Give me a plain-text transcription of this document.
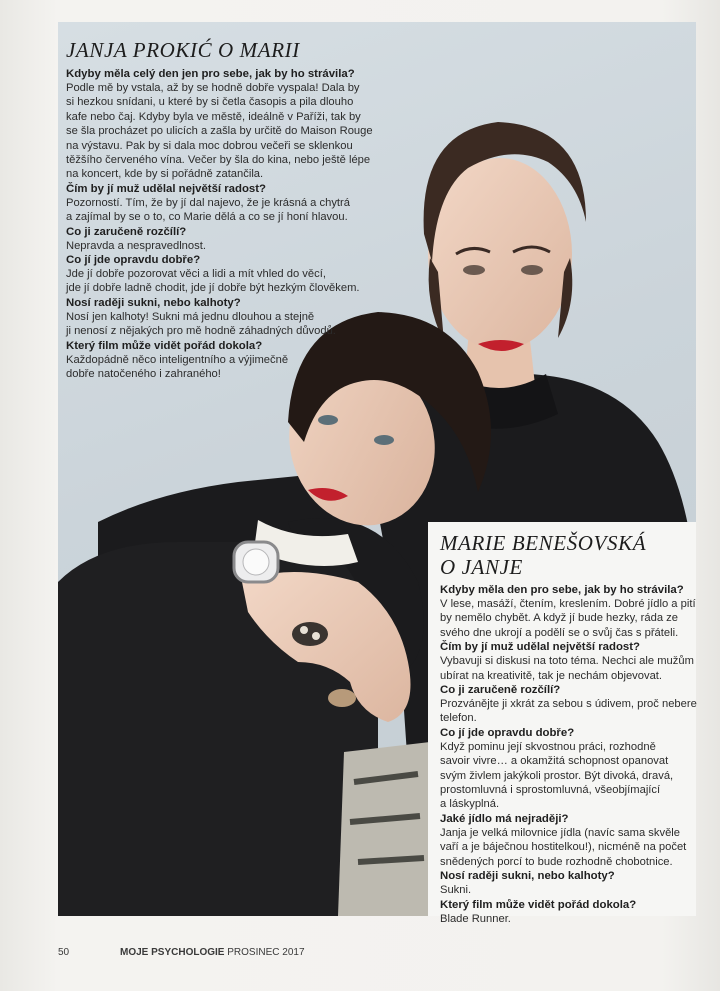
JANJA PROKIĆ O MARII
Kdyby měla celý den jen pro sebe, jak by ho strávila?
Podle mě by vstala, až by se hodně dobře vyspala! Dala by
si hezkou snídani, u které by si četla časopis a pila dlouho
kafe nebo čaj. Kdyby byla ve městě, ideálně v Paříži, tak by
se šla procházet po ulicích a zašla by určitě do Maison Rouge
na výstavu. Pak by si dala moc dobrou večeři se sklenkou
těžšího červeného vína. Večer by šla do kina, nebo ještě lépe
na koncert, kde by si pořádně zatančila.
Čím by jí muž udělal největší radost?
Pozorností. Tím, že by jí dal najevo, že je krásná a chytrá
a zajímal by se o to, co Marie dělá a co se jí honí hlavou.
Co ji zaručeně rozčílí?
Nepravda a nespravedlnost.
Co jí jde opravdu dobře?
Jde jí dobře pozorovat věci a lidi a mít vhled do věcí,
jde jí dobře ladně chodit, jde jí dobře být hezkým člověkem.
Nosí raději sukni, nebo kalhoty?
Nosí jen kalhoty! Sukni má jednu dlouhou a stejně
ji nenosí z nějakých pro mě hodně záhadných důvodů.
Který film může vidět pořád dokola?
Každopádně něco inteligentního a výjimečně
dobře natočeného i zahraného!
MARIE BENEŠOVSKÁ
O JANJE
Kdyby měla den pro sebe, jak by ho strávila?
V lese, masáží, čtením, kreslením. Dobré jídlo a pití
by nemělo chybět. A když jí bude hezky, ráda ze
svého dne ukrojí a podělí se o svůj čas s přáteli.
Čím by jí muž udělal největší radost?
Vybavuji si diskusi na toto téma. Nechci ale mužům
ubírat na kreativitě, tak je nechám objevovat.
Co ji zaručeně rozčílí?
Prozvánějte ji xkrát za sebou s údivem, proč nebere
telefon.
Co jí jde opravdu dobře?
Když pominu její skvostnou práci, rozhodně
savoir vivre… a okamžitá schopnost opanovat
svým živlem jakýkoli prostor. Být divoká, dravá,
prostomluvná i sprostomluvná, všeobjímající
a láskyplná.
Jaké jídlo má nejraději?
Janja je velká milovnice jídla (navíc sama skvěle
vaří a je báječnou hostitelkou!), nicméně na počet
snědených porcí to bude rozhodně chobotnice.
Nosí raději sukni, nebo kalhoty?
Sukni.
Který film může vidět pořád dokola?
Blade Runner.
50	MOJE PSYCHOLOGIE PROSINEC 2017
